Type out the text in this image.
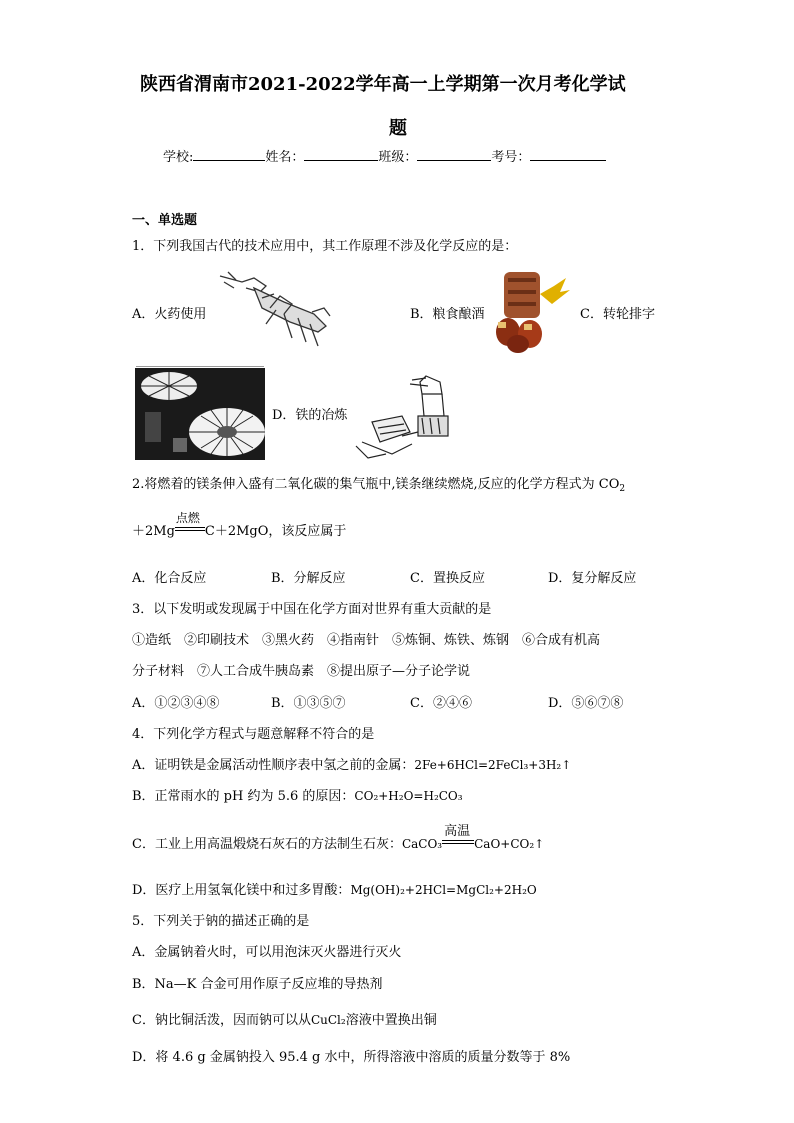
陕西省渭南市2021-2022学年高一上学期第一次月考化学试
题
学校:	姓名：	班级：	考号：
一、单选题
1．下列我国古代的技术应用中，其工作原理不涉及化学反应的是：
A．火药使用	B．粮食酿酒	C．转轮排字
D．铁的冶炼
2.将燃着的镁条伸入盛有二氧化碳的集气瓶中,镁条继续燃烧,反应的化学方程式为 $CO_2$
＋2Mg
点燃
C＋2MgO，该反应属于
A．化合反应	B．分解反应	C．置换反应	D．复分解反应
3．以下发明或发现属于中国在化学方面对世界有重大贡献的是
①造纸　②印刷技术　③黑火药　④指南针　⑤炼铜、炼铁、炼钢　⑥合成有机高
分子材料　⑦人工合成牛胰岛素　⑧提出原子—分子论学说
A．①②③④⑧	B．①③⑤⑦	C．②④⑥	D．⑤⑥⑦⑧
4．下列化学方程式与题意解释不符合的是
A．证明铁是金属活动性顺序表中氢之前的金属：2Fe+6HCl=2FeCl₃+3H₂↑
B．正常雨水的 pH 约为 5.6 的原因：CO₂+H₂O=H₂CO₃
C．工业上用高温煅烧石灰石的方法制生石灰：CaCO₃
高温
CaO+CO₂↑
D．医疗上用氢氧化镁中和过多胃酸：Mg(OH)₂+2HCl=MgCl₂+2H₂O
5．下列关于钠的描述正确的是
A．金属钠着火时，可以用泡沫灭火器进行灭火
B．Na—K 合金可用作原子反应堆的导热剂
C．钠比铜活泼，因而钠可以从CuCl₂溶液中置换出铜
D．将 4.6 g 金属钠投入 95.4 g 水中，所得溶液中溶质的质量分数等于 8%
